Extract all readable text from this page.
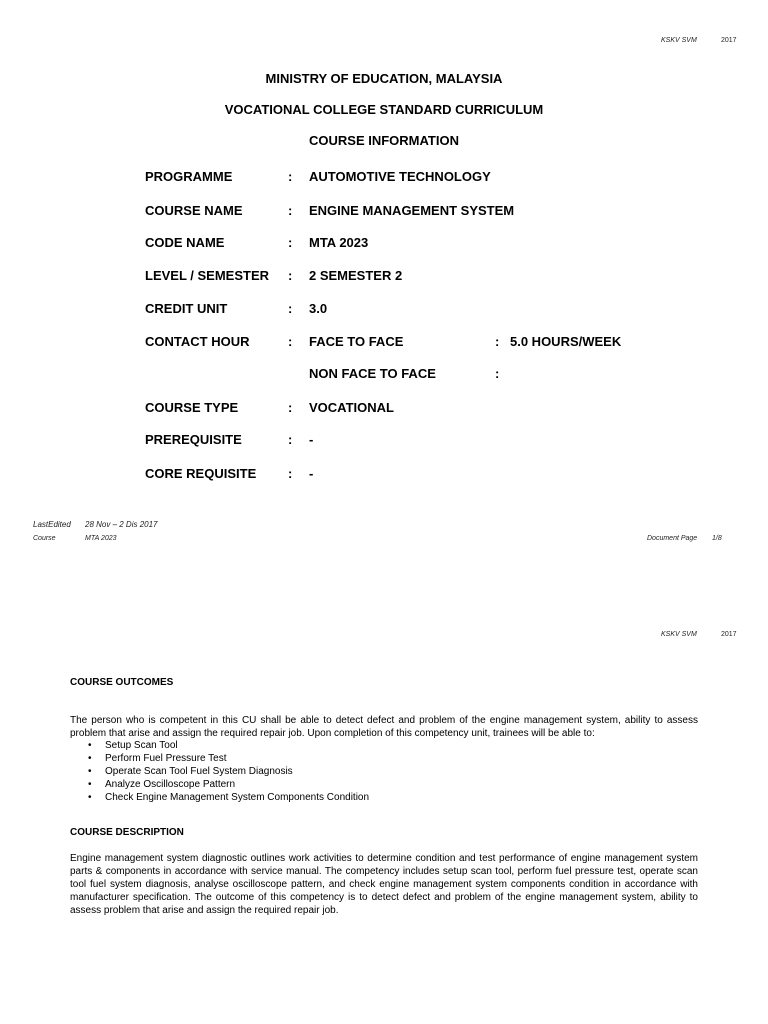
KSKV SVM	2017
MINISTRY OF EDUCATION, MALAYSIA
VOCATIONAL COLLEGE STANDARD CURRICULUM
COURSE INFORMATION
PROGRAMME	: AUTOMOTIVE TECHNOLOGY
COURSE NAME	: ENGINE MANAGEMENT SYSTEM
CODE NAME	: MTA 2023
LEVEL / SEMESTER : 2 SEMESTER 2
CREDIT UNIT	: 3.0
CONTACT HOUR	: FACE TO FACE	: 5.0 HOURS/WEEK
NON FACE TO FACE	:
COURSE TYPE	: VOCATIONAL
PREREQUISITE	: -
CORE REQUISITE : -
LastEdited 28 Nov – 2 Dis 2017
Course	MTA 2023	Document Page 1/8
KSKV SVM	2017
COURSE OUTCOMES

The person who is competent in this CU shall be able to detect defect and problem of the engine management system, ability to assess problem that arise and assign the required repair job. Upon completion of this competency unit, trainees will be able to:

• Setup Scan Tool
• Perform Fuel Pressure Test
• Operate Scan Tool Fuel System Diagnosis
• Analyze Oscilloscope Pattern
• Check Engine Management System Components Condition
COURSE DESCRIPTION

Engine management system diagnostic outlines work activities to determine condition and test performance of engine management system parts & components in accordance with service manual. The competency includes setup scan tool, perform fuel pressure test, operate scan tool fuel system diagnosis, analyse oscilloscope pattern, and check engine management system components condition in accordance with manufacturer specification. The outcome of this competency is to detect defect and problem of the engine management system, ability to assess problem that arise and assign the required repair job.
